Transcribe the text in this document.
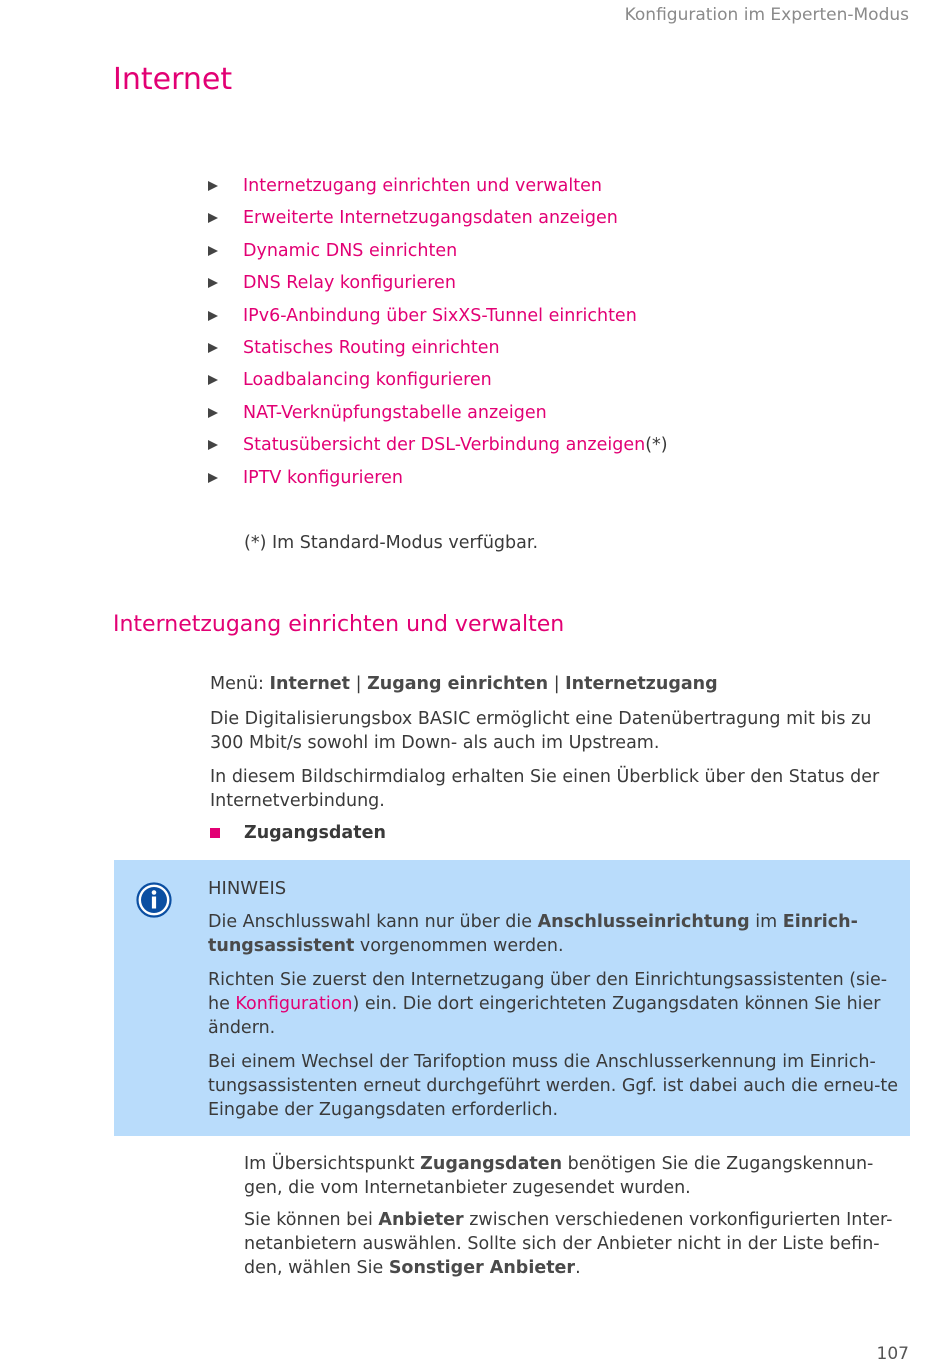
Konfiguration im Experten-Modus
Internet
Internetzugang einrichten und verwalten
Erweiterte Internetzugangsdaten anzeigen
Dynamic DNS einrichten
DNS Relay konfigurieren
IPv6-Anbindung über SixXS-Tunnel einrichten
Statisches Routing einrichten
Loadbalancing konfigurieren
NAT-Verknüpfungstabelle anzeigen
Statusübersicht der DSL-Verbindung anzeigen (*)
IPTV konfigurieren
(*) Im Standard-Modus verfügbar.
Internetzugang einrichten und verwalten
Menü: Internet | Zugang einrichten | Internetzugang

Die Digitalisierungsbox BASIC ermöglicht eine Datenübertragung mit bis zu 300 Mbit/s sowohl im Down- als auch im Upstream.

In diesem Bildschirmdialog erhalten Sie einen Überblick über den Status der Internetverbindung.

Zugangsdaten

HINWEIS

Die Anschlusswahl kann nur über die Anschlusseinrichtung im Einrich-tungsassistent vorgenommen werden.

Richten Sie zuerst den Internetzugang über den Einrichtungsassistenten (sie-he Konfiguration) ein. Die dort eingerichteten Zugangsdaten können Sie hier ändern.

Bei einem Wechsel der Tarifoption muss die Anschlusserkennung im Einrich-tungsassistenten erneut durchgeführt werden. Ggf. ist dabei auch die erneu-te Eingabe der Zugangsdaten erforderlich.

Im Übersichtspunkt Zugangsdaten benötigen Sie die Zugangskennun-gen, die vom Internetanbieter zugesendet wurden.

Sie können bei Anbieter zwischen verschiedenen vorkonfigurierten Inter-netanbietern auswählen. Sollte sich der Anbieter nicht in der Liste befin-den, wählen Sie Sonstiger Anbieter.

107
